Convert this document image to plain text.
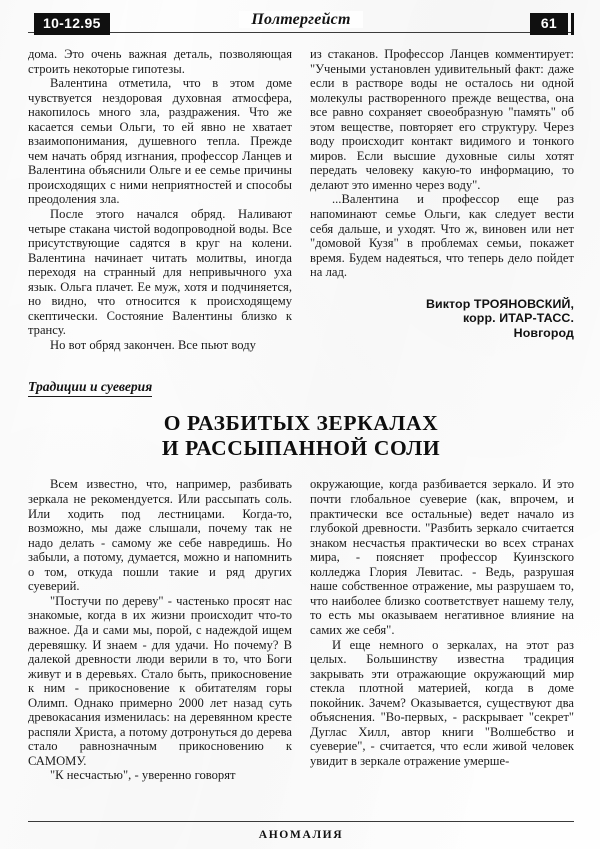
10-12.95	Полтергейст	61

дома. Это очень важная деталь, позволяющая строить некоторые гипотезы.

Валентина отметила, что в этом доме чувствуется нездоровая духовная атмосфера, накопилось много зла, раздражения. Что же касается семьи Ольги, то ей явно не хватает взаимопонимания, душевного тепла. Прежде чем начать обряд изгнания, профессор Ланцев и Валентина объяснили Ольге и ее семье причины происходящих с ними неприятностей и способы преодоления зла.

После этого начался обряд. Наливают четыре стакана чистой водопроводной воды. Все присутствующие садятся в круг на колени. Валентина начинает читать молитвы, иногда переходя на странный для непривычного уха язык. Ольга плачет. Ее муж, хотя и подчиняется, но видно, что относится к происходящему скептически. Состояние Валентины близко к трансу.

Но вот обряд закончен. Все пьют воду

из стаканов. Профессор Ланцев комментирует: "Учеными установлен удивительный факт: даже если в растворе воды не осталось ни одной молекулы растворенного прежде вещества, она все равно сохраняет своеобразную "память" об этом веществе, повторяет его структуру. Через воду происходит контакт видимого и тонкого миров. Если высшие духовные силы хотят передать человеку какую-то информацию, то делают это именно через воду".

...Валентина и профессор еще раз напоминают семье Ольги, как следует вести себя дальше, и уходят. Что ж, виновен или нет "домовой Кузя" в проблемах семьи, покажет время. Будем надеяться, что теперь дело пойдет на лад.

Виктор ТРОЯНОВСКИЙ,
корр. ИТАР-ТАСС.
Новгород
Традиции и суеверия
О РАЗБИТЫХ ЗЕРКАЛАХ
И РАССЫПАННОЙ СОЛИ

Всем известно, что, например, разбивать зеркала не рекомендуется. Или рассыпать соль. Или ходить под лестницами. Когда-то, возможно, мы даже слышали, почему так не надо делать - самому же себе навредишь. Но забыли, а потому, думается, можно и напомнить о том, откуда пошли такие и ряд других суеверий.

"Постучи по дереву" - частенько просят нас знакомые, когда в их жизни происходит что-то важное. Да и сами мы, порой, с надеждой ищем деревяшку. И знаем - для удачи. Но почему? В далекой древности люди верили в то, что Боги живут и в деревьях. Стало быть, прикосновение к ним - прикосновение к обитателям горы Олимп. Однако примерно 2000 лет назад суть древокасания изменилась: на деревянном кресте распяли Христа, а потому дотронуться до дерева стало равнозначным прикосновению к САМОМУ.

"К несчастью", - уверенно говорят

окружающие, когда разбивается зеркало. И это почти глобальное суеверие (как, впрочем, и практически все остальные) ведет начало из глубокой древности. "Разбить зеркало считается знаком несчастья практически во всех странах мира, - поясняет профессор Куинзского колледжа Глория Левитас. - Ведь, разрушая наше собственное отражение, мы разрушаем то, что наиболее близко соответствует нашему телу, то есть мы оказываем негативное влияние на самих же себя".

И еще немного о зеркалах, на этот раз целых. Большинству известна традиция закрывать эти отражающие окружающий мир стекла плотной материей, когда в доме покойник. Зачем? Оказывается, существуют два объяснения. "Во-первых, - раскрывает "секрет" Дуглас Хилл, автор книги "Волшебство и суеверие", - считается, что если живой человек увидит в зеркале отражение умерше-

АНОМАЛИЯ
